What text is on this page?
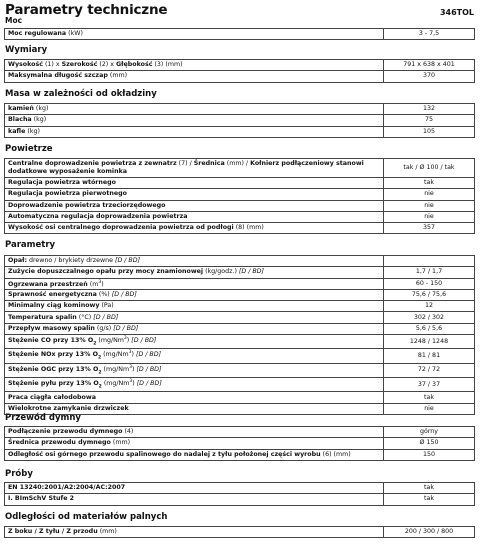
Parametry techniczne
Moc
346TOL
Moc regulowana (kW)	3 - 7,5
Wymiary
Wysokość (1) x Szerokość (2) x Głębokość (3) (mm)	791 x 638 x 401
Maksymalna długość szczap (mm)	370
Masa w zależności od okładziny
kamień (kg)	132
Blacha (kg)	75
kafle (kg)	105
Powietrze
Centralne doprowadzenie powietrza z zewnatrz (7) / Średnica (mm) / Kołnierz podłączeniowy stanowi dodatkowe wyposażenie kominka	tak / Ø 100 / tak
Regulacja powietrza wtórnego	tak
Regulacja powietrza pierwotnego	nie
Doprowadzenie powietrza trzeciorzędowego	nie
Automatyczna regulacja doprowadzenia powietrza	nie
Wysokość osi centralnego doprowadzenia powietrza od podłogi (8) (mm)	357
Parametry
Opał: drewno / brykiety drzewne [D / BD]	
Zużycie dopuszczalnego opału przy mocy znamionowej (kg/godz.) [D / BD]	1,7 / 1,7
Ogrzewana przestrzeń $(m^3)$	60 - 150
Sprawność energetyczna (%) [D / BD]	75,6 / 75,6
Minimalny ciąg kominowy (Pa)	12
Temperatura spalin (°C) [D / BD]	302 / 302
Przepływ masowy spalin (g/s) [D / BD]	5,6 / 5,6
Stężenie CO przy 13% $O_2$ (mg/Nm$^3$) [D / BD]	1248 / 1248
Stężenie NOx przy 13% $O_2$ (mg/Nm$^3$) [D / BD]	81 / 81
Stężenie OGC przy 13% $O_2$ (mg/Nm$^3$) [D / BD]	72 / 72
Stężenie pyłu przy 13% $O_2$ (mg/Nm$^3$) [D / BD]	37 / 37
Praca ciągła całodobowa	tak
Wielokrotne zamykanie drzwiczek	nie
Przewód dymny
Podłączenie przewodu dymnego (4)	górny
Średnica przewodu dymnego (mm)	Ø 150
Odległość osi górnego przewodu spalinowego do nadalej z tyłu położonej części wyrobu (6) (mm)	150
Próby
EN 13240:2001/A2:2004/AC:2007	tak
I. BImSchV Stufe 2	tak
Odległości od materiałów palnych
Z boku / Z tyłu / Z przodu (mm)	200 / 300 / 800
